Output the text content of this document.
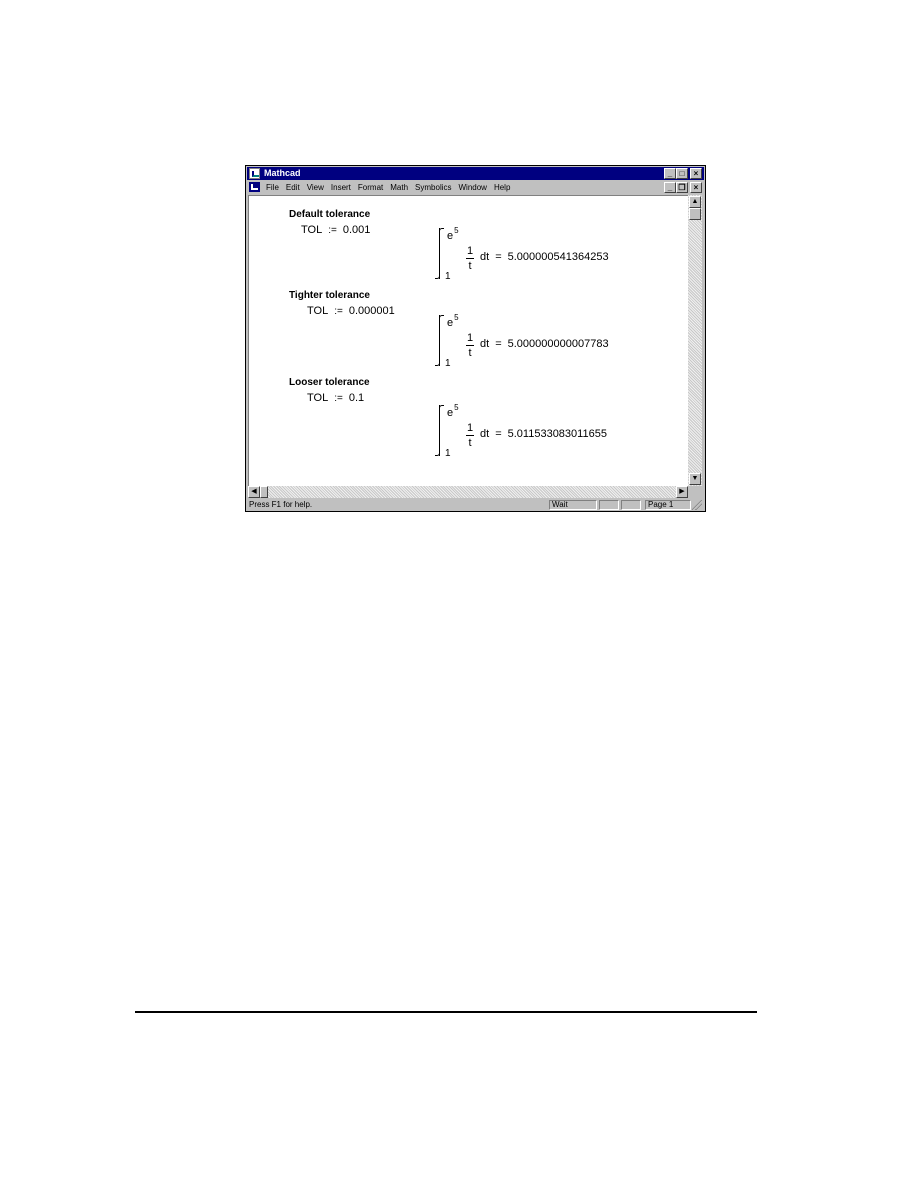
Mathcad	_ □	×
File Edit View Insert Format Math Symbolics Window Help	_ ❐	×
Default tolerance
TOL := 0.001	$e^5$
1
1
t
dt = 5.000000541364253
Tighter tolerance
TOL := 0.000001
$e^5$
1
1
t
dt = 5.000000000007783
Looser tolerance
TOL := 0.1
$e^5$
1
1
t
dt = 5.011533083011655
▲
▼
◀	▶
Press F1 for help.	Wait	Page 1
